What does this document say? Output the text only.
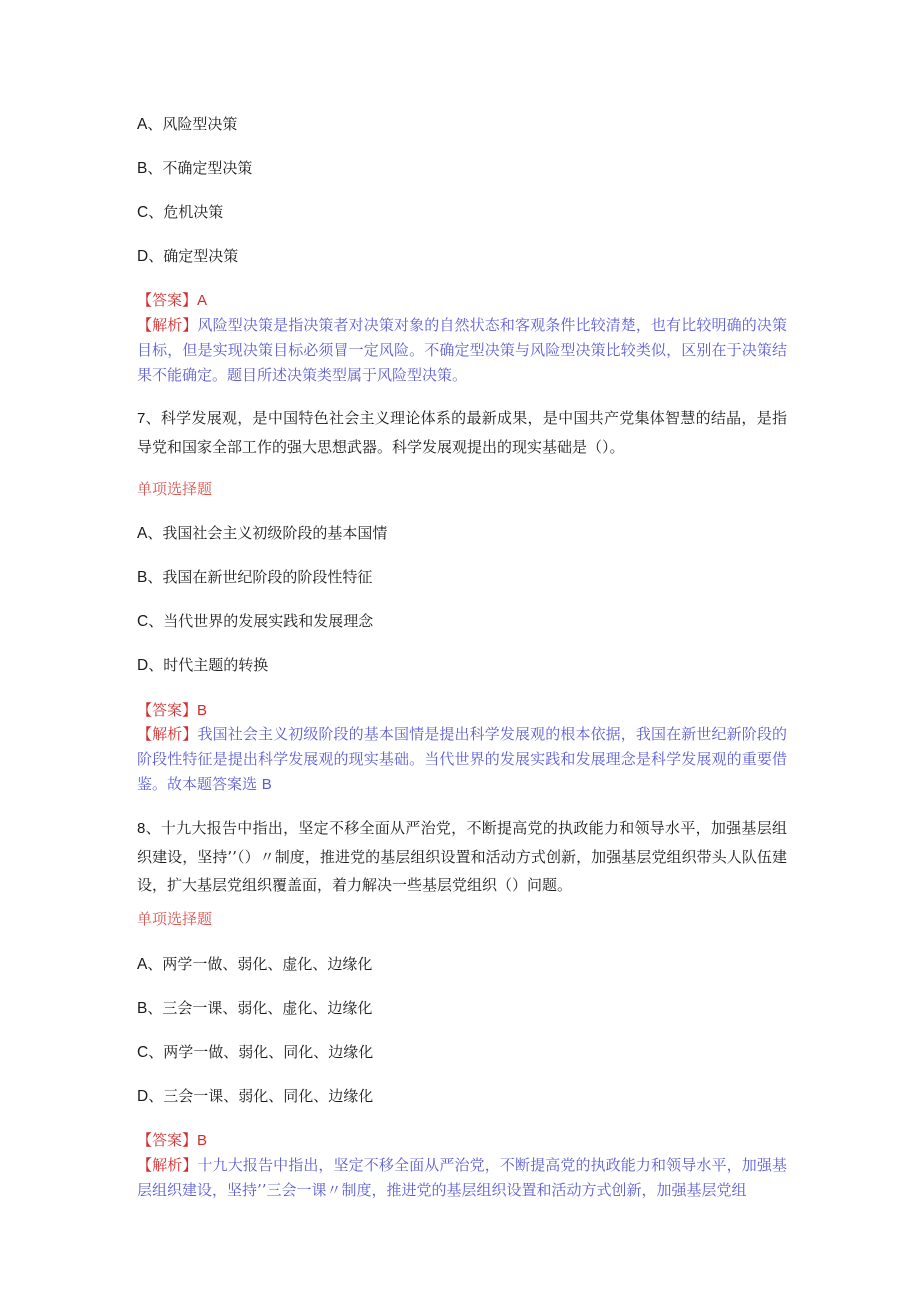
A、风险型决策
B、不确定型决策
C、危机决策
D、确定型决策
【答案】A
【解析】风险型决策是指决策者对决策对象的自然状态和客观条件比较清楚，也有比较明确的决策目标，但是实现决策目标必须冒一定风险。不确定型决策与风险型决策比较类似，区别在于决策结果不能确定。题目所述决策类型属于风险型决策。
7、科学发展观，是中国特色社会主义理论体系的最新成果，是中国共产党集体智慧的结晶，是指导党和国家全部工作的强大思想武器。科学发展观提出的现实基础是（）。
单项选择题
A、我国社会主义初级阶段的基本国情
B、我国在新世纪阶段的阶段性特征
C、当代世界的发展实践和发展理念
D、时代主题的转换
【答案】B
【解析】我国社会主义初级阶段的基本国情是提出科学发展观的根本依据，我国在新世纪新阶段的阶段性特征是提出科学发展观的现实基础。当代世界的发展实践和发展理念是科学发展观的重要借鉴。故本题答案选 B
8、十九大报告中指出，坚定不移全面从严治党，不断提高党的执政能力和领导水平，加强基层组织建设，坚持’’（）〃制度，推进党的基层组织设置和活动方式创新，加强基层党组织带头人队伍建设，扩大基层党组织覆盖面，着力解决一些基层党组织（）问题。
单项选择题
A、两学一做、弱化、虚化、边缘化
B、三会一课、弱化、虚化、边缘化
C、两学一做、弱化、同化、边缘化
D、三会一课、弱化、同化、边缘化
【答案】B
【解析】十九大报告中指出，坚定不移全面从严治党，不断提高党的执政能力和领导水平，加强基层组织建设，坚持’’三会一课〃制度，推进党的基层组织设置和活动方式创新，加强基层党组
